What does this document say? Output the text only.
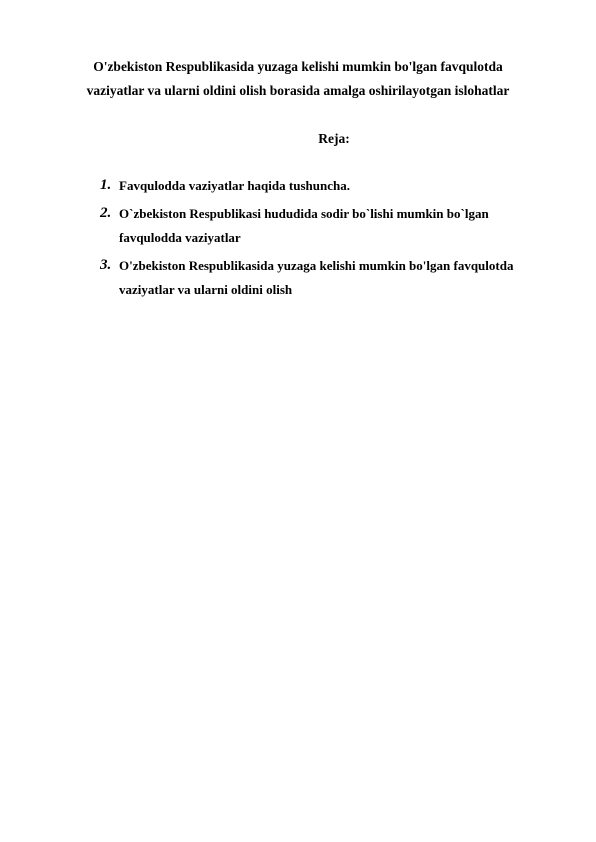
O'zbekiston Respublikasida yuzaga kelishi mumkin bo'lgan favqulotda
vaziyatlar va ularni oldini olish borasida amalga oshirilayotgan islohatlar
Reja:
1. Favqulodda vaziyatlar haqida tushuncha.
2. O`zbekiston Respublikasi hududida sodir bo`lishi mumkin bo`lgan
favqulodda vaziyatlar
3. O'zbekiston Respublikasida yuzaga kelishi mumkin bo'lgan favqulotda
vaziyatlar va ularni oldini olish
